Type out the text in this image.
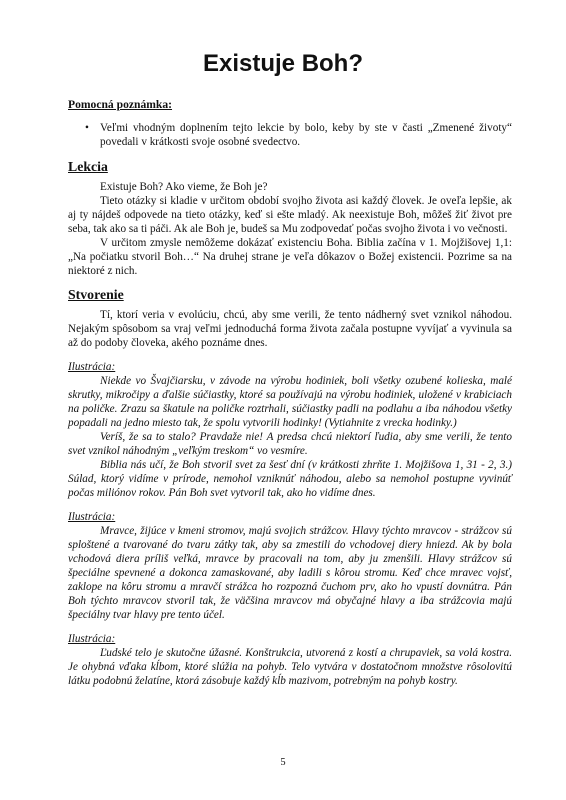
Existuje Boh?
Pomocná poznámka:
• Veľmi vhodným doplnením tejto lekcie by bolo, keby by ste v časti „Zmenené životy“ povedali v krátkosti svoje osobné svedectvo.
Lekcia

Existuje Boh? Ako vieme, že Boh je?

Tieto otázky si kladie v určitom období svojho života asi každý človek. Je oveľa lepšie, ak aj ty nájdeš odpovede na tieto otázky, keď si ešte mladý. Ak neexistuje Boh, môžeš žiť život pre seba, tak ako sa ti páči. Ak ale Boh je, budeš sa Mu zodpovedať počas svojho života i vo večnosti.

V určitom zmysle nemôžeme dokázať existenciu Boha. Biblia začína v 1. Mojžišovej 1,1: „Na počiatku stvoril Boh…“ Na druhej strane je veľa dôkazov o Božej existencii. Pozrime sa na niektoré z nich.

Stvorenie

Tí, ktorí veria v evolúciu, chcú, aby sme verili, že tento nádherný svet vznikol náhodou. Nejakým spôsobom sa vraj veľmi jednoduchá forma života začala postupne vyvíjať a vyvinula sa až do podoby človeka, akého poznáme dnes.

Ilustrácia:

Niekde vo Švajčiarsku, v závode na výrobu hodiniek, boli všetky ozubené kolieska, malé skrutky, mikročipy a ďalšie súčiastky, ktoré sa používajú na výrobu hodiniek, uložené v krabiciach na poličke. Zrazu sa škatule na poličke roztrhali, súčiastky padli na podlahu a iba náhodou všetky popadali na jedno miesto tak, že spolu vytvorili hodinky! (Vytiahnite z vrecka hodinky.)

Veríš, že sa to stalo? Pravdaže nie! A predsa chcú niektorí ľudia, aby sme verili, že tento svet vznikol náhodným „veľkým treskom“ vo vesmíre.

Biblia nás učí, že Boh stvoril svet za šesť dní (v krátkosti zhrňte 1. Mojžišova 1, 31 - 2, 3.) Súlad, ktorý vidíme v prírode, nemohol vzniknúť náhodou, alebo sa nemohol postupne vyvinúť počas miliónov rokov. Pán Boh svet vytvoril tak, ako ho vidíme dnes.

Ilustrácia:

Mravce, žijúce v kmeni stromov, majú svojich strážcov. Hlavy týchto mravcov - strážcov sú sploštené a tvarované do tvaru zátky tak, aby sa zmestili do vchodovej diery hniezd. Ak by bola vchodová diera príliš veľká, mravce by pracovali na tom, aby ju zmenšili. Hlavy strážcov sú špeciálne spevnené a dokonca zamaskované, aby ladili s kôrou stromu. Keď chce mravec vojsť, zaklope na kôru stromu a mravčí strážca ho rozpozná čuchom prv, ako ho vpustí dovnútra. Pán Boh týchto mravcov stvoril tak, že väčšina mravcov má obyčajné hlavy a iba strážcovia majú špeciálny tvar hlavy pre tento účel.

Ilustrácia:

Ľudské telo je skutočne úžasné. Konštrukcia, utvorená z kostí a chrupaviek, sa volá kostra. Je ohybná vďaka kĺbom, ktoré slúžia na pohyb. Telo vytvára v dostatočnom množstve rôsolovitú látku podobnú želatíne, ktorá zásobuje každý kĺb mazivom, potrebným na pohyb kostry.

5
